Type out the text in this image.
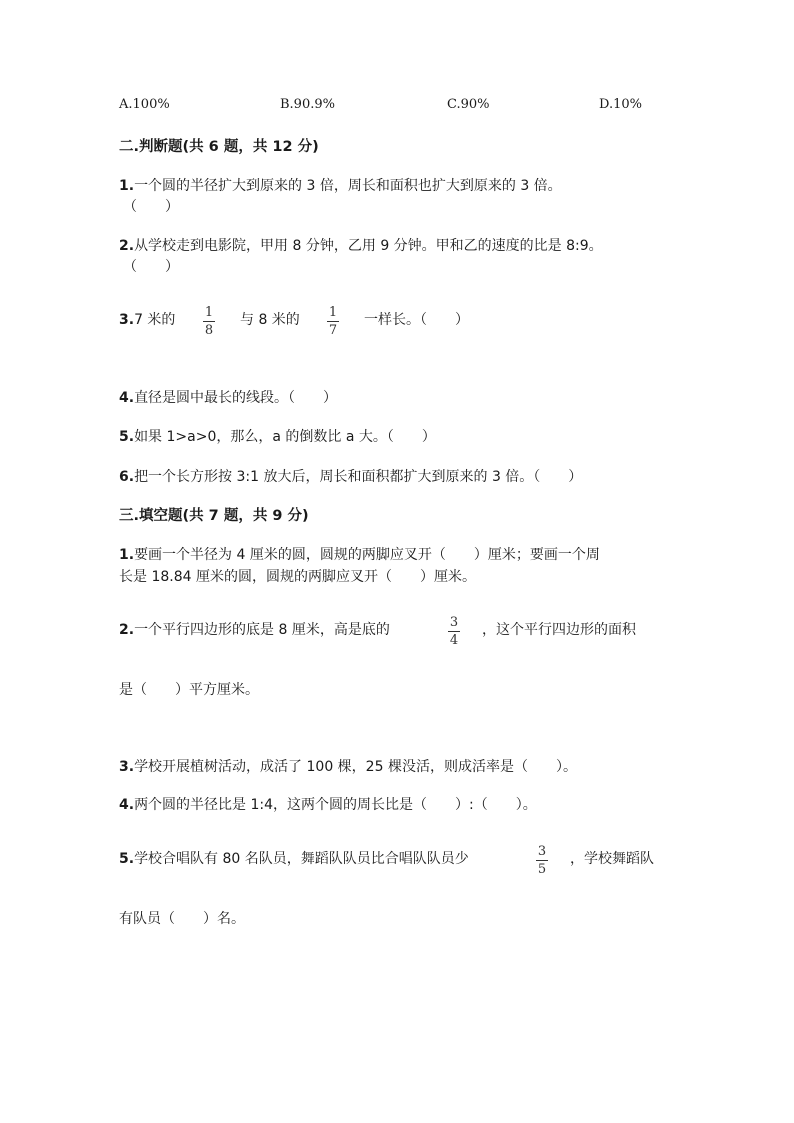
A.100%	B.90.9%	C.90%	D.10%
二.判断题(共 6 题，共 12 分)
1.一个圆的半径扩大到原来的 3 倍，周长和面积也扩大到原来的 3 倍。
（　　）
2.从学校走到电影院，甲用 8 分钟，乙用 9 分钟。甲和乙的速度的比是 8:9。
（　　）
3.7 米的 1
8
与 8 米的 1
7
一样长。（　　）
4.直径是圆中最长的线段。（　　）
5.如果 1>a>0，那么，a 的倒数比 a 大。（　　）
6.把一个长方形按 3:1 放大后，周长和面积都扩大到原来的 3 倍。（　　）
三.填空题(共 7 题，共 9 分)
1.要画一个半径为 4 厘米的圆，圆规的两脚应叉开（　　）厘米；要画一个周
长是 18.84 厘米的圆，圆规的两脚应叉开（　　）厘米。
2.一个平行四边形的底是 8 厘米，高是底的	3
4
，这个平行四边形的面积
是（　　）平方厘米。
3.学校开展植树活动，成活了 100 棵，25 棵没活，则成活率是（　　）。
4.两个圆的半径比是 1:4，这两个圆的周长比是（　　）:（　　）。
5.学校合唱队有 80 名队员，舞蹈队队员比合唱队队员少	3
5
，学校舞蹈队
有队员（　　）名。
